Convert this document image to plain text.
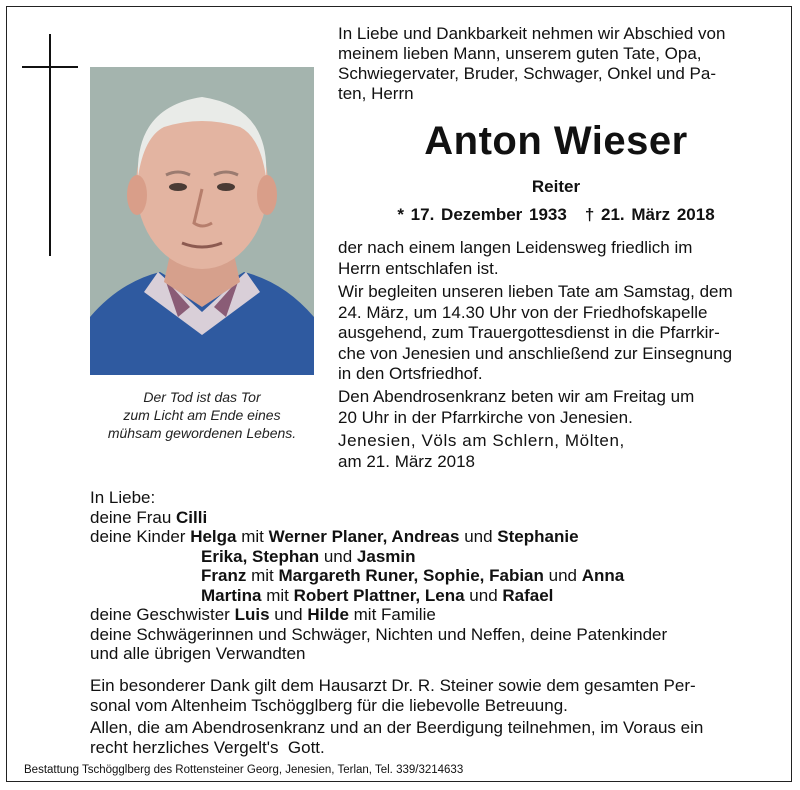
Der Tod ist das Tor
zum Licht am Ende eines
mühsam gewordenen Lebens.
In Liebe und Dankbarkeit nehmen wir Abschied von
meinem lieben Mann, unserem guten Tate, Opa,
Schwiegervater, Bruder, Schwager, Onkel und Pa-
ten, Herrn
Anton Wieser
Reiter
* 17. Dezember 1933 † 21. März 2018
der nach einem langen Leidensweg friedlich im
Herrn entschlafen ist.
Wir begleiten unseren lieben Tate am Samstag, dem
24. März, um 14.30 Uhr von der Friedhofskapelle
ausgehend, zum Trauergottesdienst in die Pfarrkir-
che von Jenesien und anschließend zur Einsegnung
in den Ortsfriedhof.
Den Abendrosenkranz beten wir am Freitag um
20 Uhr in der Pfarrkirche von Jenesien.
Jenesien, Völs am Schlern, Mölten,
am 21. März 2018
In Liebe:
deine Frau Cilli
deine Kinder Helga mit Werner Planer, Andreas und Stephanie
Erika, Stephan und Jasmin
Franz mit Margareth Runer, Sophie, Fabian und Anna
Martina mit Robert Plattner, Lena und Rafael
deine Geschwister Luis und Hilde mit Familie
deine Schwägerinnen und Schwäger, Nichten und Neffen, deine Patenkinder
und alle übrigen Verwandten
Ein besonderer Dank gilt dem Hausarzt Dr. R. Steiner sowie dem gesamten Per-
sonal vom Altenheim Tschögglberg für die liebevolle Betreuung.
Allen, die am Abendrosenkranz und an der Beerdigung teilnehmen, im Voraus ein
recht herzliches Vergelt's  Gott.
Bestattung Tschögglberg des Rottensteiner Georg, Jenesien, Terlan, Tel. 339/3214633
